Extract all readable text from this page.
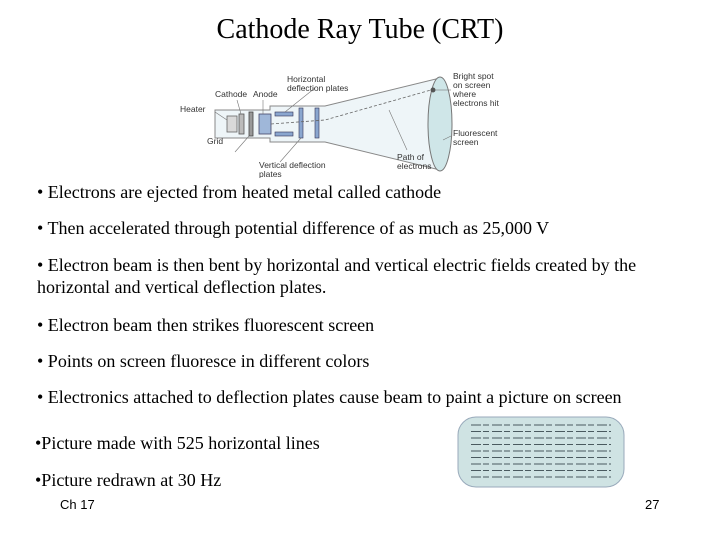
Cathode Ray Tube (CRT)
Cathode Anode
Heater
Grid
Horizontal
deflection plates
Vertical deflection
plates
Bright spot
on screen
where
electrons hit
Fluorescent
screen
Path of
electrons
• Electrons are ejected from heated metal called cathode
• Then accelerated through potential difference of as much as 25,000 V
• Electron beam is then bent by horizontal and vertical electric fields created by the horizontal and vertical deflection plates.
• Electron beam then strikes fluorescent screen
• Points on screen fluoresce in different colors
• Electronics attached to deflection plates cause beam to paint a picture on screen
•Picture made with 525 horizontal lines
•Picture redrawn at 30 Hz
Ch 17	27
